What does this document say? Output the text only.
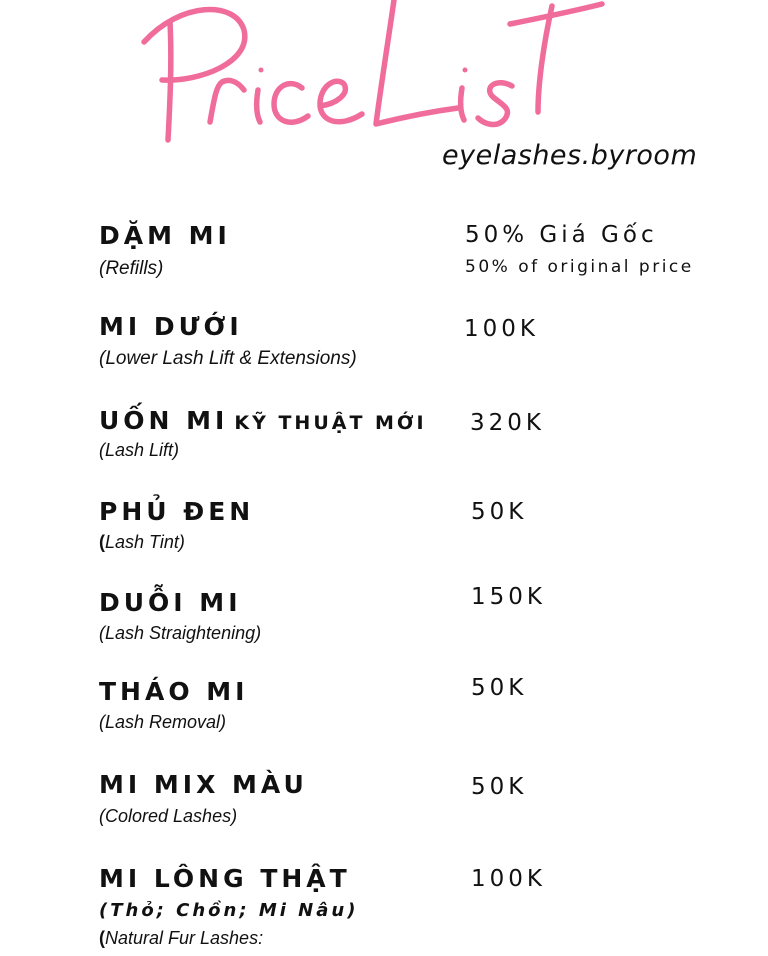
eyelashes.byroom
DẶM MI
(Refills)
50% Giá Gốc
50% of original price
MI DƯỚI
(Lower Lash Lift & Extensions)
100K
UỐN MI KỸ THUẬT MỚI
(Lash Lift)
320K
PHỦ ĐEN
(Lash Tint)
50K
DUỖI MI
(Lash Straightening)
150K
THÁO MI
(Lash Removal)
50K
MI MIX MÀU
(Colored Lashes)
50K
MI LÔNG THẬT
(Thỏ; Chồn; Mi Nâu)
(Natural Fur Lashes:
100K
